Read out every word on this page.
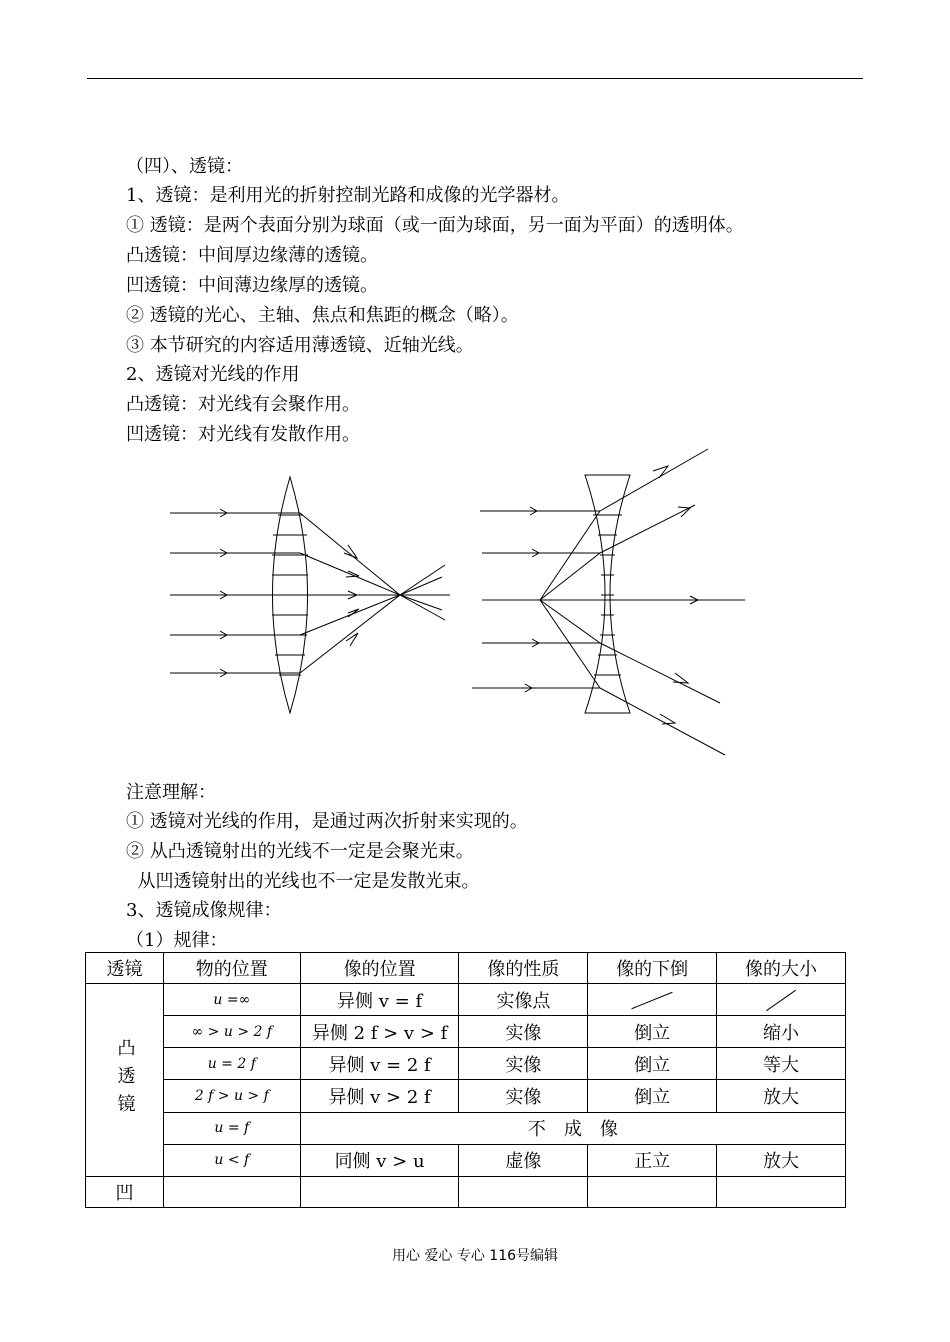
（四）、透镜：
1、透镜：是利用光的折射控制光路和成像的光学器材。
① 透镜：是两个表面分别为球面（或一面为球面，另一面为平面）的透明体。
凸透镜：中间厚边缘薄的透镜。
凹透镜：中间薄边缘厚的透镜。
② 透镜的光心、主轴、焦点和焦距的概念（略）。
③ 本节研究的内容适用薄透镜、近轴光线。
2、透镜对光线的作用
凸透镜：对光线有会聚作用。
凹透镜：对光线有发散作用。
注意理解：
① 透镜对光线的作用，是通过两次折射来实现的。
② 从凸透镜射出的光线不一定是会聚光束。
从凹透镜射出的光线也不一定是发散光束。
3、透镜成像规律：
（1）规律：
透镜	物的位置	像的位置	像的性质	像的下倒	像的大小
凸透镜	u =∞	异侧 v = f	实像点		
	∞ > u > 2 f	异侧 2 f > v > f	实像	倒立	缩小
	u = 2 f	异侧 v = 2 f	实像	倒立	等大
	2 f > u > f	异侧 v > 2 f	实像	倒立	放大
	u = f	不　成　像			
	u < f	同侧 v > u	虚像	正立	放大
凹					
用心 爱心 专心 116号编辑
